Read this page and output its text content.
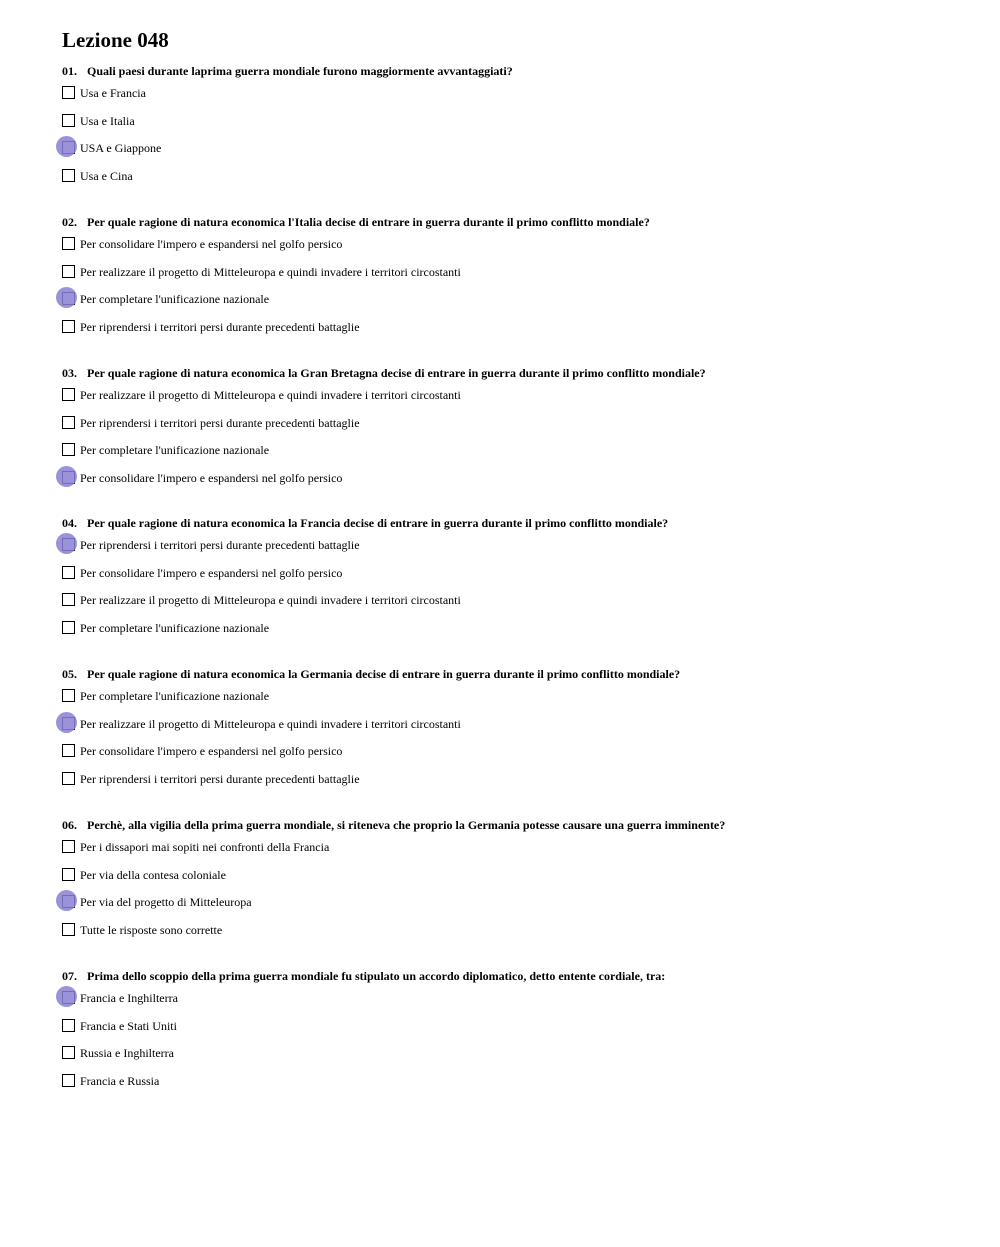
Lezione 048
01. Quali paesi durante laprima guerra mondiale furono maggiormente avvantaggiati?
Usa e Francia
Usa e Italia
USA e Giappone
Usa e Cina
02. Per quale ragione di natura economica l'Italia decise di entrare in guerra durante il primo conflitto mondiale?
Per consolidare l'impero e espandersi nel golfo persico
Per realizzare il progetto di Mitteleuropa e quindi invadere i territori circostanti
Per completare l'unificazione nazionale
Per riprendersi i territori persi durante precedenti battaglie
03. Per quale ragione di natura economica la Gran Bretagna decise di entrare in guerra durante il primo conflitto mondiale?
Per realizzare il progetto di Mitteleuropa e quindi invadere i territori circostanti
Per riprendersi i territori persi durante precedenti battaglie
Per completare l'unificazione nazionale
Per consolidare l'impero e espandersi nel golfo persico
04. Per quale ragione di natura economica la Francia decise di entrare in guerra durante il primo conflitto mondiale?
Per riprendersi i territori persi durante precedenti battaglie
Per consolidare l'impero e espandersi nel golfo persico
Per realizzare il progetto di Mitteleuropa e quindi invadere i territori circostanti
Per completare l'unificazione nazionale
05. Per quale ragione di natura economica la Germania decise di entrare in guerra durante il primo conflitto mondiale?
Per completare l'unificazione nazionale
Per realizzare il progetto di Mitteleuropa e quindi invadere i territori circostanti
Per consolidare l'impero e espandersi nel golfo persico
Per riprendersi i territori persi durante precedenti battaglie
06. Perchè, alla vigilia della prima guerra mondiale, si riteneva che proprio la Germania potesse causare una guerra imminente?
Per i dissapori mai sopiti nei confronti della Francia
Per via della contesa coloniale
Per via del progetto di Mitteleuropa
Tutte le risposte sono corrette
07. Prima dello scoppio della prima guerra mondiale fu stipulato un accordo diplomatico, detto entente cordiale, tra:
Francia e Inghilterra
Francia e Stati Uniti
Russia e Inghilterra
Francia e Russia
